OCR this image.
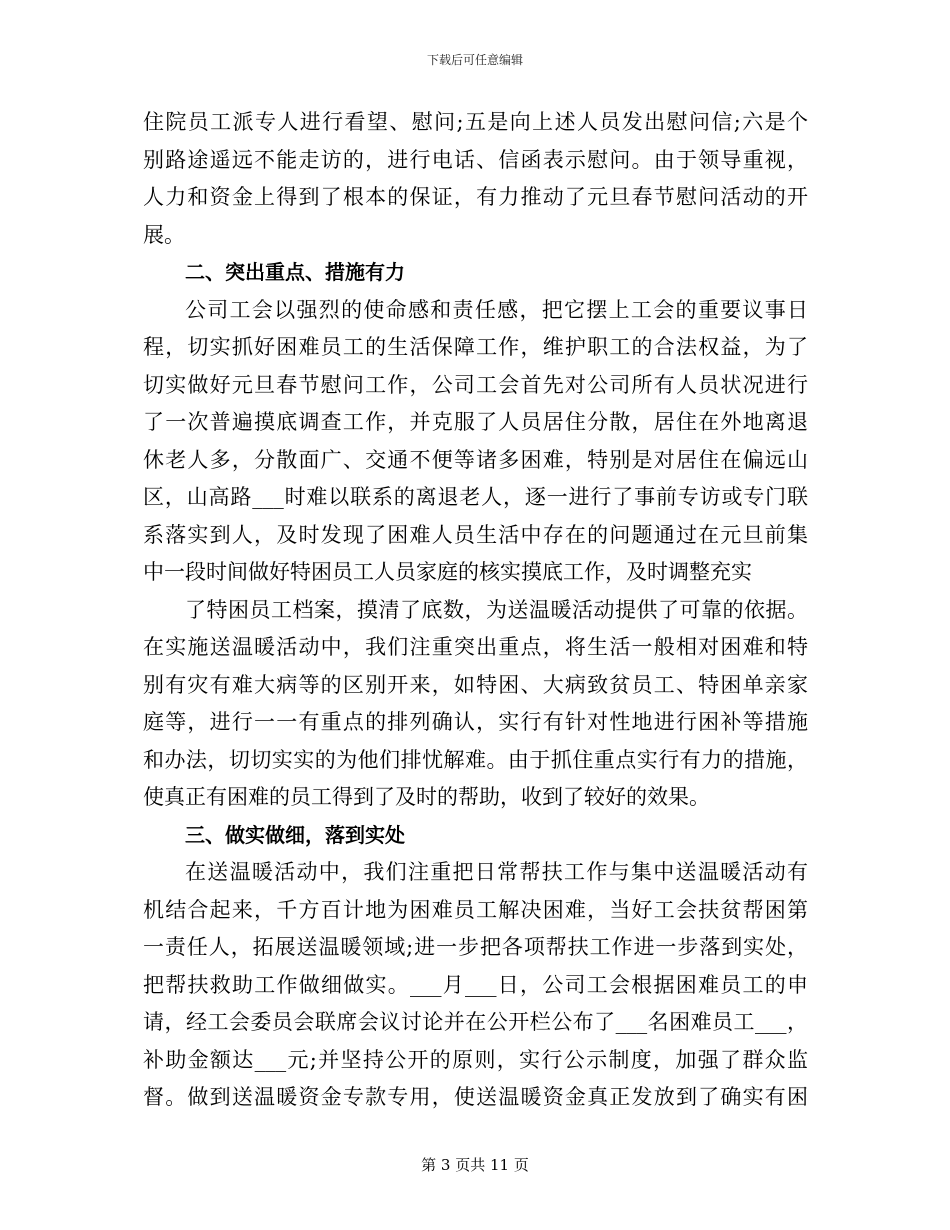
下载后可任意编辑
住院员工派专人进行看望、慰问;五是向上述人员发出慰问信;六是个
别路途遥远不能走访的，进行电话、信函表示慰问。由于领导重视，
人力和资金上得到了根本的保证，有力推动了元旦春节慰问活动的开
展。
二、突出重点、措施有力
公司工会以强烈的使命感和责任感，把它摆上工会的重要议事日
程，切实抓好困难员工的生活保障工作，维护职工的合法权益，为了
切实做好元旦春节慰问工作，公司工会首先对公司所有人员状况进行
了一次普遍摸底调查工作，并克服了人员居住分散，居住在外地离退
休老人多，分散面广、交通不便等诸多困难，特别是对居住在偏远山
区，山高路___时难以联系的离退老人，逐一进行了事前专访或专门联
系落实到人，及时发现了困难人员生活中存在的问题通过在元旦前集
中一段时间做好特困员工人员家庭的核实摸底工作，及时调整充实
了特困员工档案，摸清了底数，为送温暖活动提供了可靠的依据。
在实施送温暖活动中，我们注重突出重点，将生活一般相对困难和特
别有灾有难大病等的区别开来，如特困、大病致贫员工、特困单亲家
庭等，进行一一有重点的排列确认，实行有针对性地进行困补等措施
和办法，切切实实的为他们排忧解难。由于抓住重点实行有力的措施，
使真正有困难的员工得到了及时的帮助，收到了较好的效果。
三、做实做细，落到实处
在送温暖活动中，我们注重把日常帮扶工作与集中送温暖活动有
机结合起来，千方百计地为困难员工解决困难，当好工会扶贫帮困第
一责任人，拓展送温暖领域;进一步把各项帮扶工作进一步落到实处，
把帮扶救助工作做细做实。___月___日，公司工会根据困难员工的申
请，经工会委员会联席会议讨论并在公开栏公布了___名困难员工___，
补助金额达___元;并坚持公开的原则，实行公示制度，加强了群众监
督。做到送温暖资金专款专用，使送温暖资金真正发放到了确实有困
第 3 页共 11 页
